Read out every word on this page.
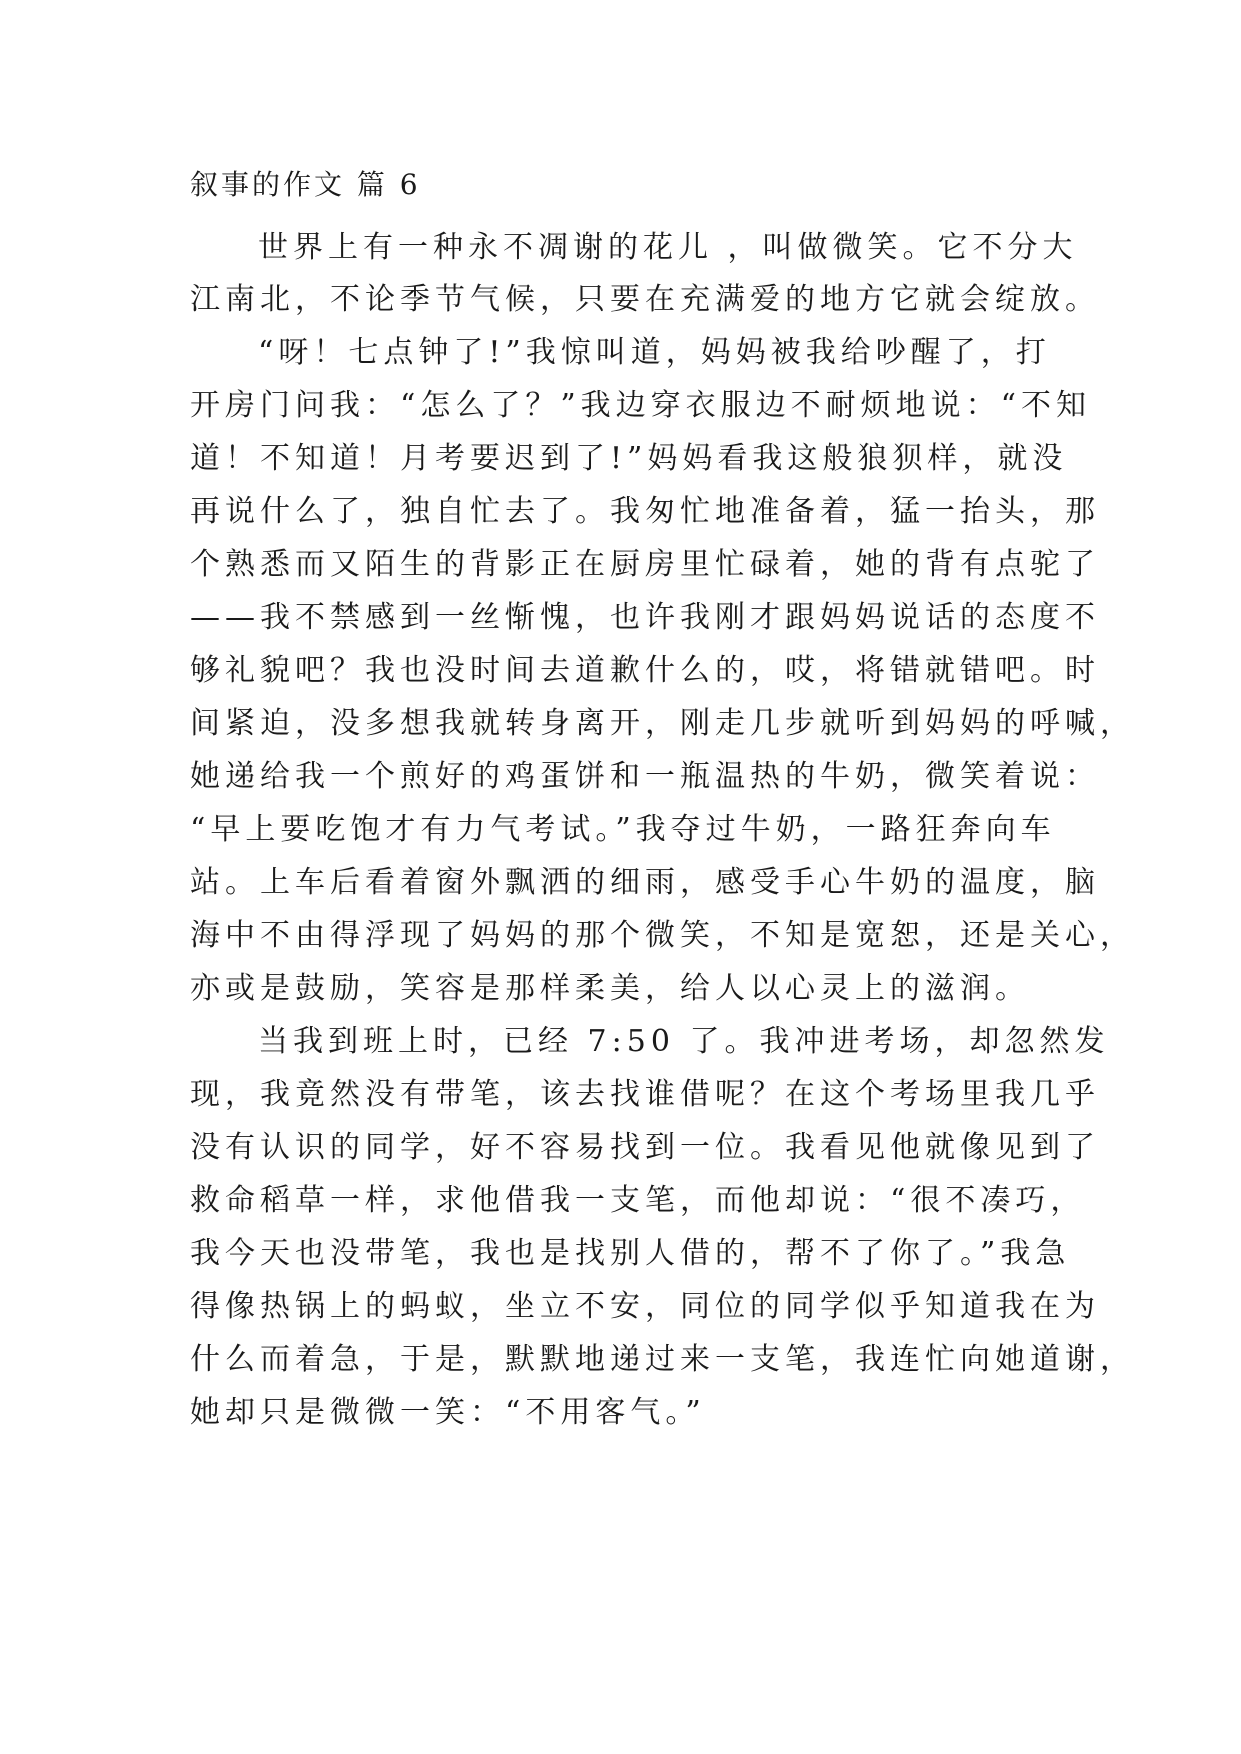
叙事的作文 篇 6
世界上有一种永不凋谢的花儿 ，叫做微笑。它不分大
江南北，不论季节气候，只要在充满爱的地方它就会绽放。
“呀！七点钟了!”我惊叫道，妈妈被我给吵醒了，打
开房门问我：“怎么了？”我边穿衣服边不耐烦地说：“不知
道！不知道！月考要迟到了!”妈妈看我这般狼狈样，就没
再说什么了，独自忙去了。我匆忙地准备着，猛一抬头，那
个熟悉而又陌生的背影正在厨房里忙碌着，她的背有点驼了
——我不禁感到一丝惭愧，也许我刚才跟妈妈说话的态度不
够礼貌吧？我也没时间去道歉什么的，哎，将错就错吧。时
间紧迫，没多想我就转身离开，刚走几步就听到妈妈的呼喊，
她递给我一个煎好的鸡蛋饼和一瓶温热的牛奶，微笑着说：
“早上要吃饱才有力气考试。”我夺过牛奶，一路狂奔向车
站。上车后看着窗外飘洒的细雨，感受手心牛奶的温度，脑
海中不由得浮现了妈妈的那个微笑，不知是宽恕，还是关心，
亦或是鼓励，笑容是那样柔美，给人以心灵上的滋润。
当我到班上时，已经 7:50 了。我冲进考场，却忽然发
现，我竟然没有带笔，该去找谁借呢？在这个考场里我几乎
没有认识的同学，好不容易找到一位。我看见他就像见到了
救命稻草一样，求他借我一支笔，而他却说：“很不凑巧，
我今天也没带笔，我也是找别人借的，帮不了你了。”我急
得像热锅上的蚂蚁，坐立不安，同位的同学似乎知道我在为
什么而着急，于是，默默地递过来一支笔，我连忙向她道谢，
她却只是微微一笑：“不用客气。”
